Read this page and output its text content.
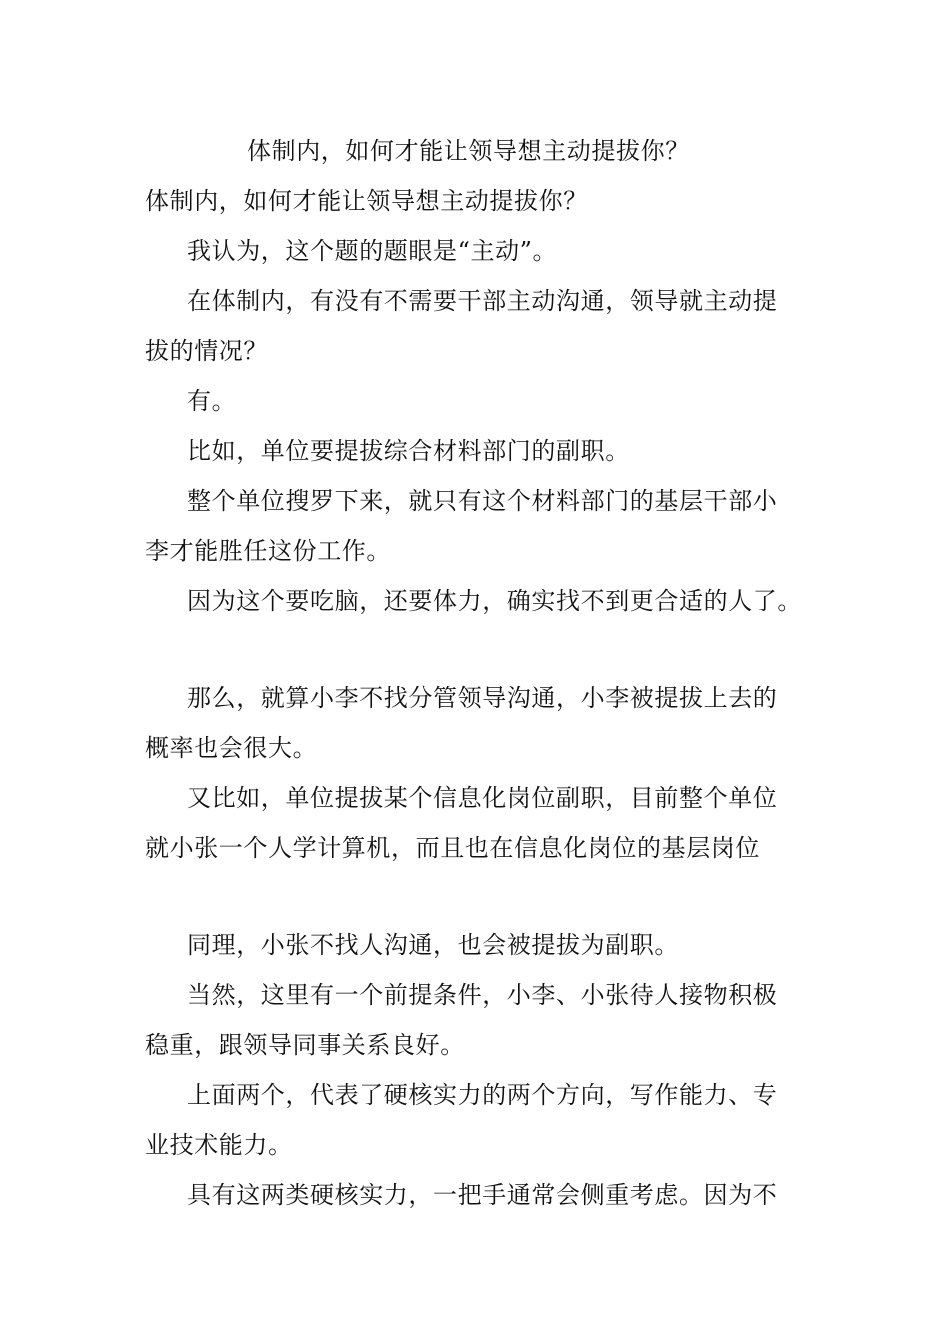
体制内，如何才能让领导想主动提拔你？
体制内，如何才能让领导想主动提拔你？
我认为，这个题的题眼是“主动”。
在体制内，有没有不需要干部主动沟通，领导就主动提
拔的情况？
有。
比如，单位要提拔综合材料部门的副职。
整个单位搜罗下来，就只有这个材料部门的基层干部小
李才能胜任这份工作。
因为这个要吃脑，还要体力，确实找不到更合适的人了。
那么，就算小李不找分管领导沟通，小李被提拔上去的
概率也会很大。
又比如，单位提拔某个信息化岗位副职，目前整个单位
就小张一个人学计算机，而且也在信息化岗位的基层岗位
同理，小张不找人沟通，也会被提拔为副职。
当然，这里有一个前提条件，小李、小张待人接物积极
稳重，跟领导同事关系良好。
上面两个，代表了硬核实力的两个方向，写作能力、专
业技术能力。
具有这两类硬核实力，一把手通常会侧重考虑。因为不
